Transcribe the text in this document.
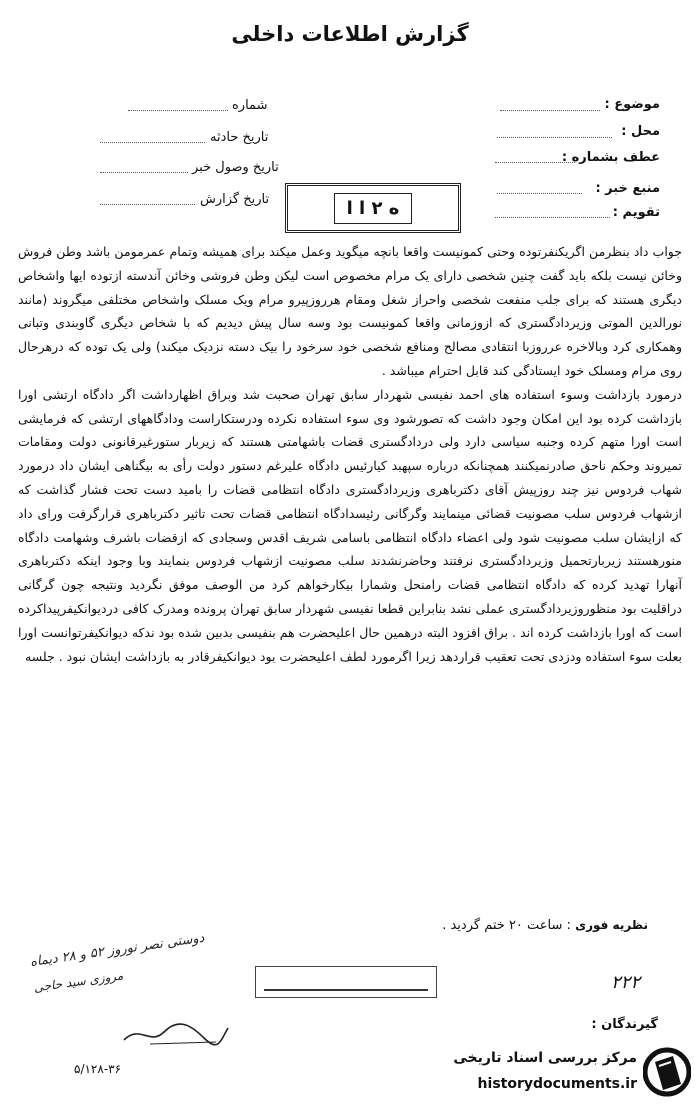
گزارش اطلاعات داخلی
موضوع :
محل :
عطف بشماره :
منبع خبر :
تقویم :
شماره
تاریخ حادثه
تاریخ وصول خبر
تاریخ گزارش	ه ۲ ا ا

جواب داد بنظرمن اگریکنفرتوده وحتی کمونیست واقعا بانچه میگوید وعمل میکند برای همیشه وتمام عمرمومن باشد وطن فروش وخائن نیست بلکه باید گفت چنین شخصی دارای یک مرام مخصوص است لیکن وطن فروشی وخائن آندسته ازتوده ایها واشخاص دیگری هستند که برای جلب منفعت شخصی واحراز شغل ومقام هرروزپیرو مرام ویک مسلک واشخاص مختلفی میگروند (مانند نورالدین الموتی وزیردادگستری که ازوزمانی واقعا کمونیست بود وسه سال پیش دیدیم که با شخاص دیگری گاوبندی وتبانی وهمکاری کرد وبالاخره عرروزبا انتقادی مصالح ومنافع شخصی خود سرخود را بیک دسته نزدیک میکند) ولی یک توده که درهرحال روی مرام ومسلک خود ایستادگی کند قابل احترام میباشد .

درمورد بازداشت وسوء استفاده های احمد نفیسی شهردار سابق تهران صحبت شد وبراق اظهارداشت اگر دادگاه ارتشی اورا بازداشت کرده بود این امکان وجود داشت که تصورشود وی سوء استفاده نکرده ودرستکاراست ودادگاههای ارتشی که فرمایشی است اورا متهم کرده وجنبه سیاسی دارد ولی دردادگستری قضات باشهامتی هستند که زیربار ستورغیرقانونی دولت ومقامات تمیروند وحکم ناحق صادرنمیکنند همچنانکه درباره سپهبد کیارئیس دادگاه علیرغم دستور دولت رأی به بیگناهی ایشان داد درمورد شهاب فردوس نیز چند روزپیش آقای دکترباهری وزیردادگستری دادگاه انتظامی قضات را بامید دست تحت فشار گذاشت که ازشهاب فردوس سلب مصونیت قضائی مینمایند وگرگانی رئیسدادگاه انتظامی قضات تحت تاثیر دکترباهری قرارگرفت ورای داد که ازایشان سلب مصونیت شود ولی اعضاء دادگاه انتظامی باسامی شریف اقدس وسجادی که ازقضات باشرف وشهامت دادگاه منورهستند زیربارتحمیل وزیردادگستری نرفتند وحاضرنشدند سلب مصونیت ازشهاب فردوس بنمایند وبا وجود اینکه دکترباهری آنهارا تهدید کرده که دادگاه انتظامی قضات رامنحل وشمارا بیکارخواهم کرد من الوصف موفق نگردید ونتیجه چون گرگانی دراقلیت بود منظوروزیردادگستری عملی نشد بنابراین قطعا نفیسی شهردار سابق تهران پرونده ومدرک کافی دردیوانکیفرپیداکرده است که اورا بازداشت کرده اند . براق افزود البته درهمین حال اعلیحضرت هم بنفیسی بدبین شده بود ندکه دیوانکیفرتوانست اورا بعلت سوء استفاده ودزدی تحت تعقیب قراردهد زیرا اگرمورد لطف اعلیحضرت بود دیوانکیفرقادر به بازداشت ایشان نبود . جلسه

نظریه فوری : ساعت ۲۰ ختم گردید .
دوستی نصر نوروز ۵۲ و ۲۸ دیماه
مروزی سید حاجی
۵/۱۲۸-۳۶
۲۲۲
گیرندگان :
مرکز بررسی اسناد تاریخی
historydocuments.ir
